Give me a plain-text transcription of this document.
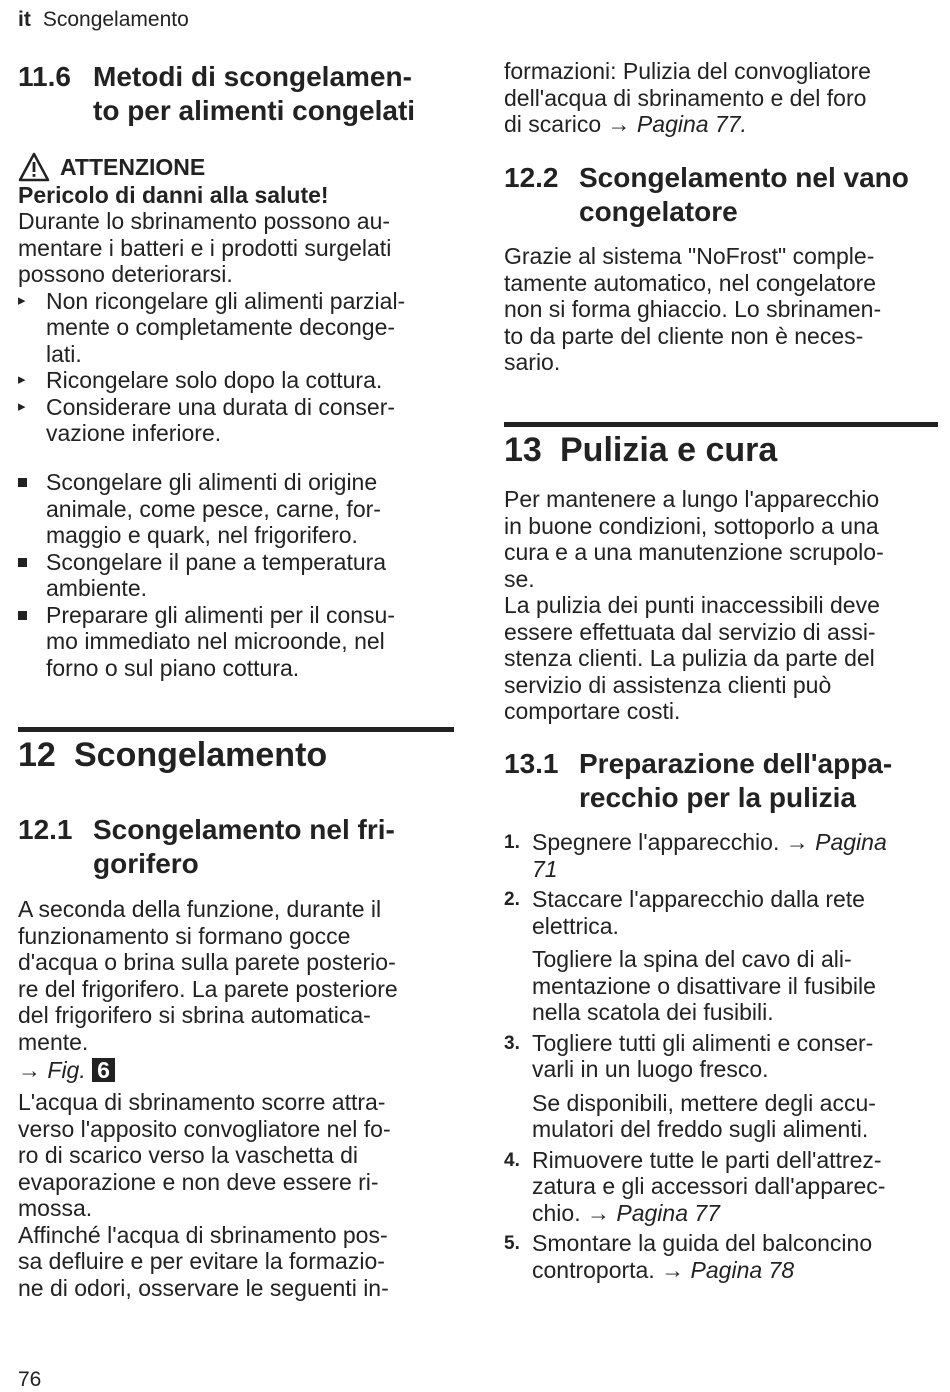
it Scongelamento
11.6 Metodi di scongelamen-
to per alimenti congelati
ATTENZIONE
Pericolo di danni alla salute!
Durante lo sbrinamento possono au-
mentare i batteri e i prodotti surgelati
possono deteriorarsi.
▸ Non ricongelare gli alimenti parzial-
mente o completamente deconge-
lati.
▸ Ricongelare solo dopo la cottura.
▸ Considerare una durata di conser-
vazione inferiore.
Scongelare gli alimenti di origine
animale, come pesce, carne, for-
maggio e quark, nel frigorifero.
Scongelare il pane a temperatura
ambiente.
Preparare gli alimenti per il consu-
mo immediato nel microonde, nel
forno o sul piano cottura.
12 Scongelamento
12.1 Scongelamento nel fri-
gorifero
A seconda della funzione, durante il
funzionamento si formano gocce
d'acqua o brina sulla parete posterio-
re del frigorifero. La parete posteriore
del frigorifero si sbrina automatica-
mente.
→ Fig. 6
L'acqua di sbrinamento scorre attra-
verso l'apposito convogliatore nel fo-
ro di scarico verso la vaschetta di
evaporazione e non deve essere ri-
mossa.
Affinché l'acqua di sbrinamento pos-
sa defluire e per evitare la formazio-
ne di odori, osservare le seguenti in-
formazioni: Pulizia del convogliatore
dell'acqua di sbrinamento e del foro
di scarico → Pagina 77.
12.2 Scongelamento nel vano
congelatore
Grazie al sistema "NoFrost" comple-
tamente automatico, nel congelatore
non si forma ghiaccio. Lo sbrinamen-
to da parte del cliente non è neces-
sario.
13 Pulizia e cura
Per mantenere a lungo l'apparecchio
in buone condizioni, sottoporlo a una
cura e a una manutenzione scrupolo-
se.
La pulizia dei punti inaccessibili deve
essere effettuata dal servizio di assi-
stenza clienti. La pulizia da parte del
servizio di assistenza clienti può
comportare costi.
13.1 Preparazione dell'appa-
recchio per la pulizia
1. Spegnere l'apparecchio. → Pagina
71
2. Staccare l'apparecchio dalla rete
elettrica.
Togliere la spina del cavo di ali-
mentazione o disattivare il fusibile
nella scatola dei fusibili.
3. Togliere tutti gli alimenti e conser-
varli in un luogo fresco.
Se disponibili, mettere degli accu-
mulatori del freddo sugli alimenti.
4. Rimuovere tutte le parti dell'attrez-
zatura e gli accessori dall'apparec-
chio. → Pagina 77
5. Smontare la guida del balconcino
controporta. → Pagina 78
76
